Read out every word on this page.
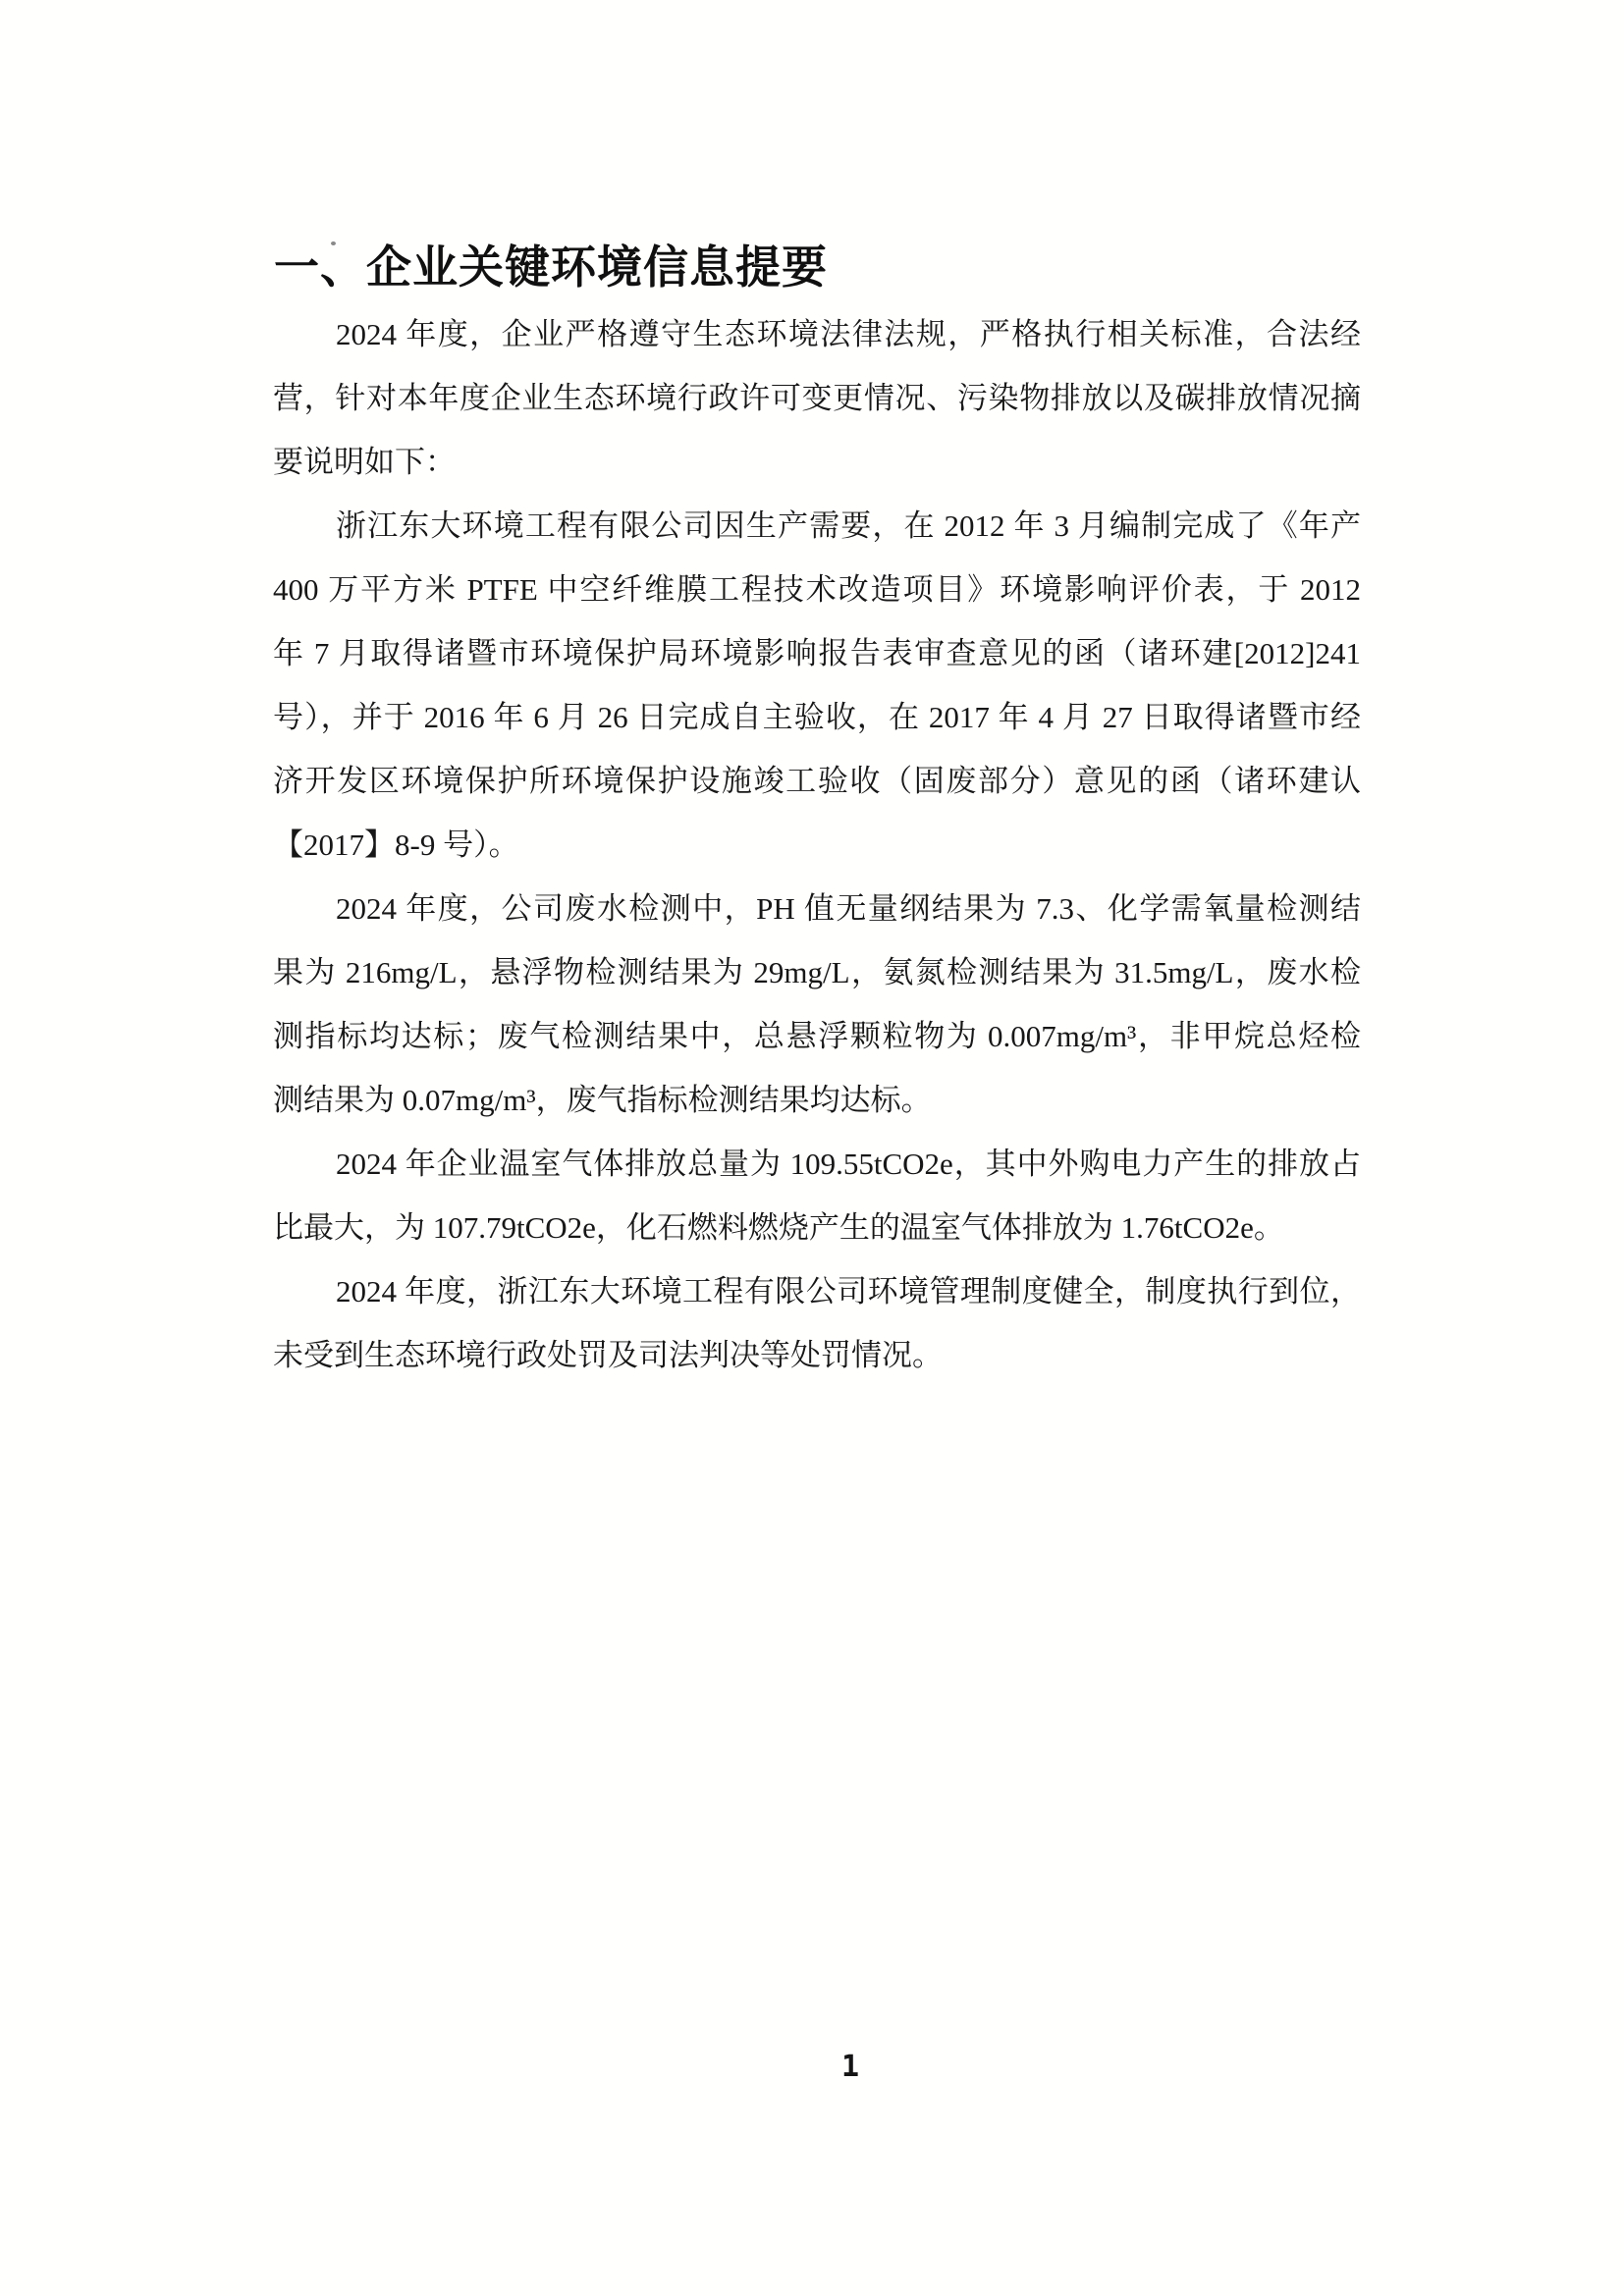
一、企业关键环境信息提要

2024 年度，企业严格遵守生态环境法律法规，严格执行相关标准，合法经

营，针对本年度企业生态环境行政许可变更情况、污染物排放以及碳排放情况摘

要说明如下：

浙江东大环境工程有限公司因生产需要，在 2012 年 3 月编制完成了《年产

400 万平方米 PTFE 中空纤维膜工程技术改造项目》环境影响评价表，于 2012

年 7 月取得诸暨市环境保护局环境影响报告表审查意见的函（诸环建[2012]241

号），并于 2016 年 6 月 26 日完成自主验收，在 2017 年 4 月 27 日取得诸暨市经

济开发区环境保护所环境保护设施竣工验收（固废部分）意见的函（诸环建认

【2017】8-9 号）。

2024 年度，公司废水检测中，PH 值无量纲结果为 7.3、化学需氧量检测结

果为 216mg/L，悬浮物检测结果为 29mg/L，氨氮检测结果为 31.5mg/L，废水检

测指标均达标；废气检测结果中，总悬浮颗粒物为 0.007mg/m³，非甲烷总烃检

测结果为 0.07mg/m³，废气指标检测结果均达标。

2024 年企业温室气体排放总量为 109.55tCO2e，其中外购电力产生的排放占

比最大，为 107.79tCO2e，化石燃料燃烧产生的温室气体排放为 1.76tCO2e。

2024 年度，浙江东大环境工程有限公司环境管理制度健全，制度执行到位，

未受到生态环境行政处罚及司法判决等处罚情况。

1
